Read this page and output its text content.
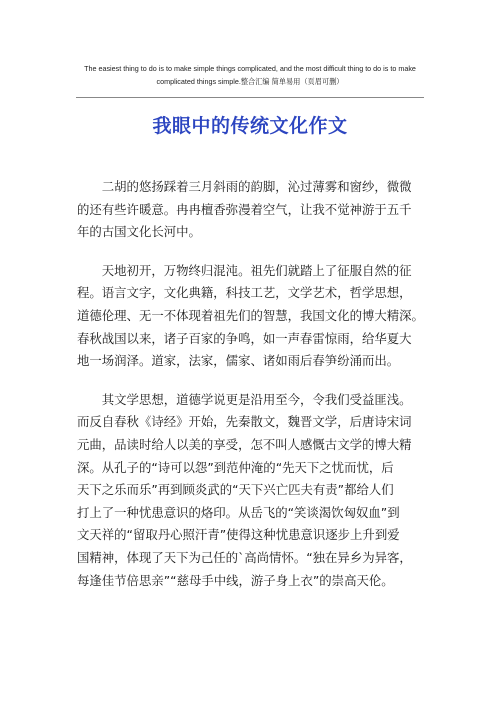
The easiest thing to do is to make simple things complicated, and the most difficult thing to do is to make
complicated things simple.整合汇编 简单易用（页眉可删）
我眼中的传统文化作文
　　二胡的悠扬踩着三月斜雨的韵脚，沁过薄雾和窗纱，微微
的还有些许暖意。冉冉檀香弥漫着空气，让我不觉神游于五千
年的古国文化长河中。
　　天地初开，万物终归混沌。祖先们就踏上了征服自然的征
程。语言文字，文化典籍，科技工艺，文学艺术，哲学思想，
道德伦理、无一不体现着祖先们的智慧，我国文化的博大精深。
春秋战国以来，诸子百家的争鸣，如一声春雷惊雨，给华夏大
地一场润泽。道家，法家，儒家、诸如雨后春笋纷涌而出。
　　其文学思想，道德学说更是沿用至今，令我们受益匪浅。
而反自春秋《诗经》开始，先秦散文，魏晋文学，后唐诗宋词
元曲，品读时给人以美的享受，怎不叫人感慨古文学的博大精
深。从孔子的“诗可以怨”到范仲淹的“先天下之忧而忧，后
天下之乐而乐”再到顾炎武的“天下兴亡匹夫有责”都给人们
打上了一种忧患意识的烙印。从岳飞的“笑谈渴饮匈奴血”到
文天祥的“留取丹心照汗青”使得这种忧患意识逐步上升到爱
国精神，体现了天下为己任的`高尚情怀。“独在异乡为异客，
每逢佳节倍思亲”“慈母手中线，游子身上衣”的崇高天伦。
